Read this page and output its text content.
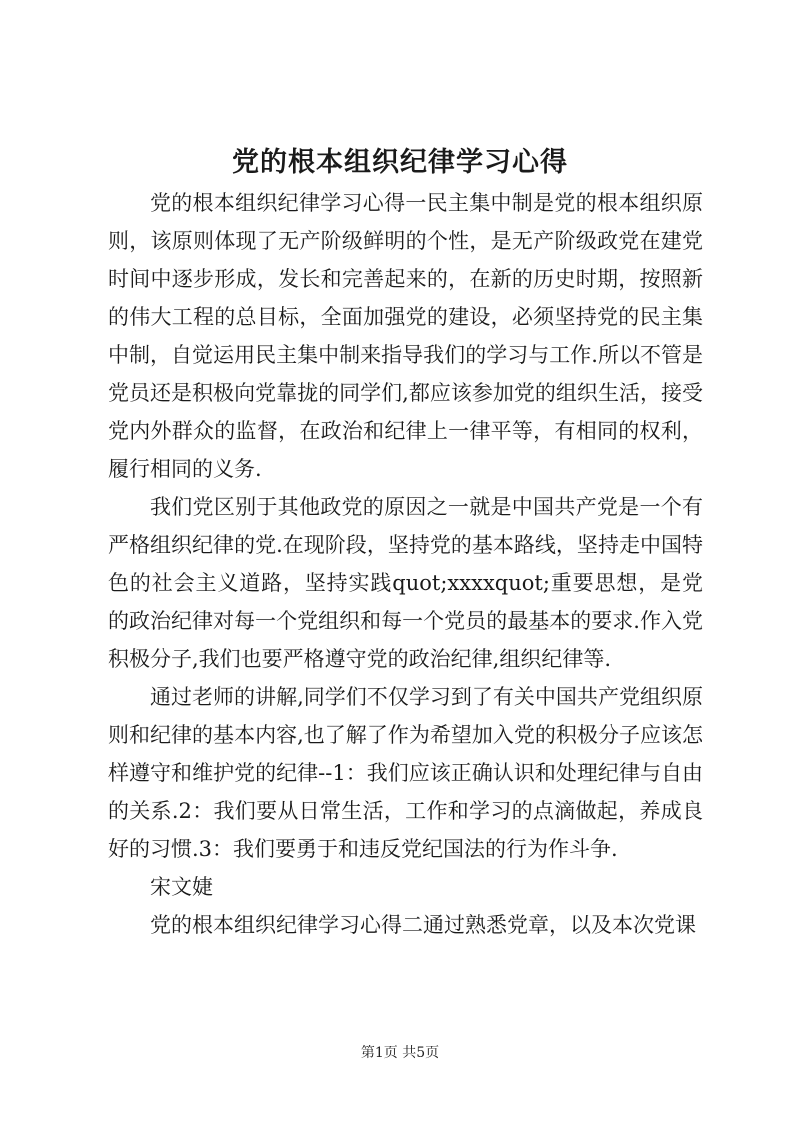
党的根本组织纪律学习心得

党的根本组织纪律学习心得一民主集中制是党的根本组织原则，该原则体现了无产阶级鲜明的个性，是无产阶级政党在建党时间中逐步形成，发长和完善起来的，在新的历史时期，按照新的伟大工程的总目标，全面加强党的建设，必须坚持党的民主集中制，自觉运用民主集中制来指导我们的学习与工作.所以不管是党员还是积极向党靠拢的同学们,都应该参加党的组织生活，接受党内外群众的监督，在政治和纪律上一律平等，有相同的权利，履行相同的义务.

我们党区别于其他政党的原因之一就是中国共产党是一个有严格组织纪律的党.在现阶段，坚持党的基本路线，坚持走中国特色的社会主义道路，坚持实践quot;xxxxquot;重要思想，是党的政治纪律对每一个党组织和每一个党员的最基本的要求.作入党积极分子,我们也要严格遵守党的政治纪律,组织纪律等.

通过老师的讲解,同学们不仅学习到了有关中国共产党组织原则和纪律的基本内容,也了解了作为希望加入党的积极分子应该怎样遵守和维护党的纪律--1：我们应该正确认识和处理纪律与自由的关系.2：我们要从日常生活，工作和学习的点滴做起，养成良好的习惯.3：我们要勇于和违反党纪国法的行为作斗争.

宋文婕

党的根本组织纪律学习心得二通过熟悉党章，以及本次党课

第1页 共5页
